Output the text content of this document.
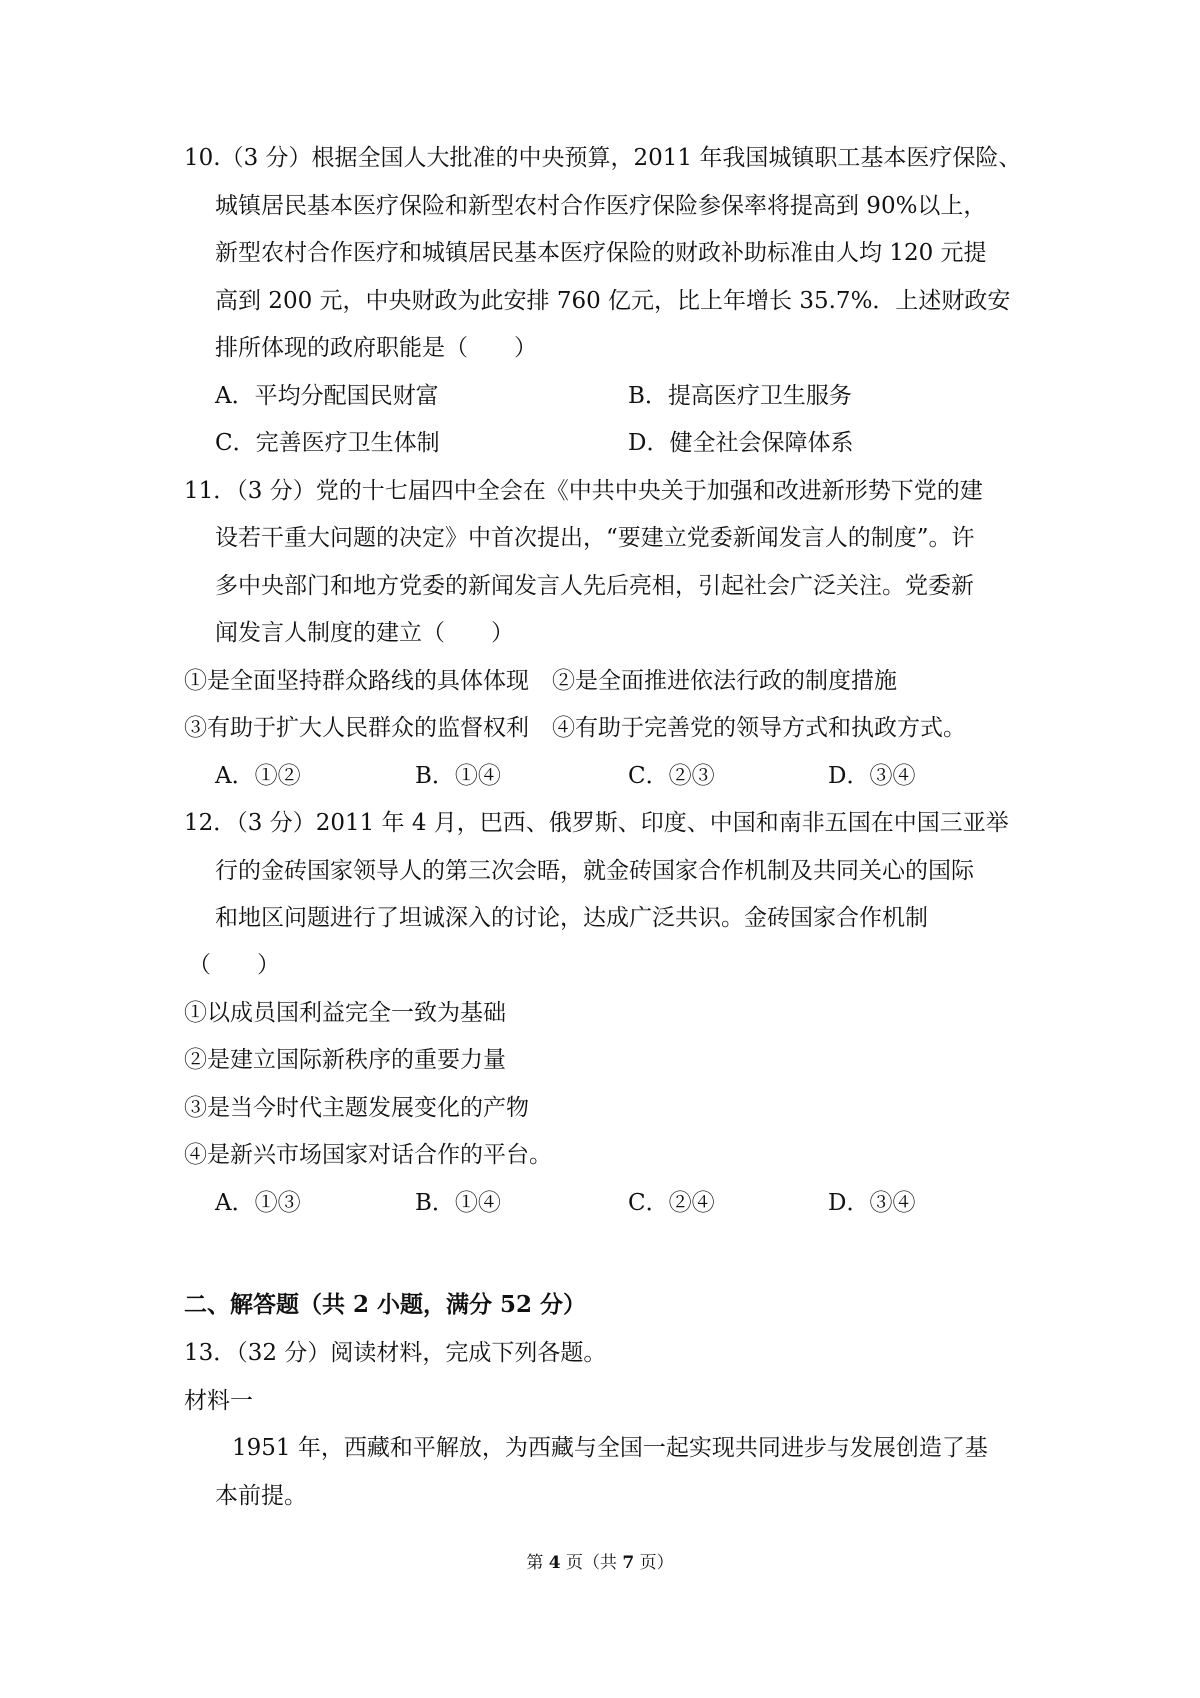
10.（3 分）根据全国人大批准的中央预算，2011 年我国城镇职工基本医疗保险、
城镇居民基本医疗保险和新型农村合作医疗保险参保率将提高到 90%以上，
新型农村合作医疗和城镇居民基本医疗保险的财政补助标准由人均 120 元提
高到 200 元，中央财政为此安排 760 亿元，比上年增长 35.7%．上述财政安
排所体现的政府职能是（　　）
A．平均分配国民财富	B．提高医疗卫生服务
C．完善医疗卫生体制	D．健全社会保障体系
11．（3 分）党的十七届四中全会在《中共中央关于加强和改进新形势下党的建
设若干重大问题的决定》中首次提出，“要建立党委新闻发言人的制度”。许
多中央部门和地方党委的新闻发言人先后亮相，引起社会广泛关注。党委新
闻发言人制度的建立（　　）
①是全面坚持群众路线的具体体现　②是全面推进依法行政的制度措施
③有助于扩大人民群众的监督权利　④有助于完善党的领导方式和执政方式。
A．①②	B．①④	C．②③	D．③④
12．（3 分）2011 年 4 月，巴西、俄罗斯、印度、中国和南非五国在中国三亚举
行的金砖国家领导人的第三次会晤，就金砖国家合作机制及共同关心的国际
和地区问题进行了坦诚深入的讨论，达成广泛共识。金砖国家合作机制
（　　）
①以成员国利益完全一致为基础
②是建立国际新秩序的重要力量
③是当今时代主题发展变化的产物
④是新兴市场国家对话合作的平台。
A．①③	B．①④	C．②④	D．③④
二、解答题（共 2 小题，满分 52 分）
13．（32 分）阅读材料，完成下列各题。
材料一
1951 年，西藏和平解放，为西藏与全国一起实现共同进步与发展创造了基
本前提。
第 4 页（共 7 页）
